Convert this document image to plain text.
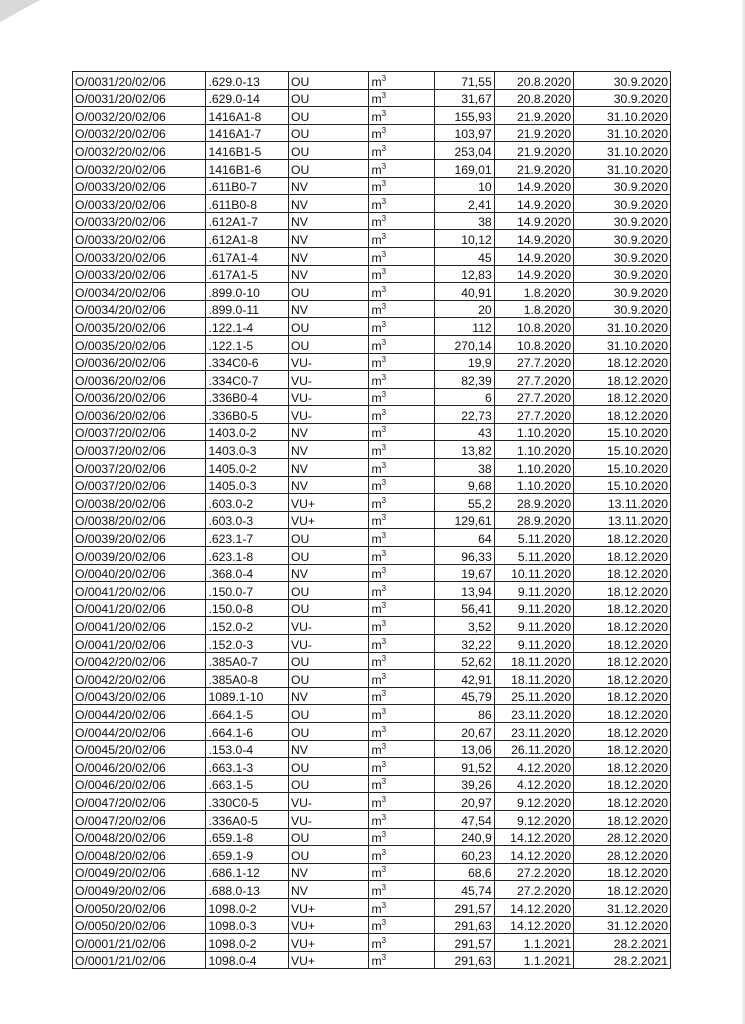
O/0031/20/02/06	.629.0-13	OU	$m^3$	71,55	20.8.2020	30.9.2020
O/0031/20/02/06	.629.0-14	OU	$m^3$	31,67	20.8.2020	30.9.2020
O/0032/20/02/06	1416A1-8	OU	$m^3$	155,93	21.9.2020	31.10.2020
O/0032/20/02/06	1416A1-7	OU	$m^3$	103,97	21.9.2020	31.10.2020
O/0032/20/02/06	1416B1-5	OU	$m^3$	253,04	21.9.2020	31.10.2020
O/0032/20/02/06	1416B1-6	OU	$m^3$	169,01	21.9.2020	31.10.2020
O/0033/20/02/06	.611B0-7	NV	$m^3$	10	14.9.2020	30.9.2020
O/0033/20/02/06	.611B0-8	NV	$m^3$	2,41	14.9.2020	30.9.2020
O/0033/20/02/06	.612A1-7	NV	$m^3$	38	14.9.2020	30.9.2020
O/0033/20/02/06	.612A1-8	NV	$m^3$	10,12	14.9.2020	30.9.2020
O/0033/20/02/06	.617A1-4	NV	$m^3$	45	14.9.2020	30.9.2020
O/0033/20/02/06	.617A1-5	NV	$m^3$	12,83	14.9.2020	30.9.2020
O/0034/20/02/06	.899.0-10	OU	$m^3$	40,91	1.8.2020	30.9.2020
O/0034/20/02/06	.899.0-11	NV	$m^3$	20	1.8.2020	30.9.2020
O/0035/20/02/06	.122.1-4	OU	$m^3$	112	10.8.2020	31.10.2020
O/0035/20/02/06	.122.1-5	OU	$m^3$	270,14	10.8.2020	31.10.2020
O/0036/20/02/06	.334C0-6	VU-	$m^3$	19,9	27.7.2020	18.12.2020
O/0036/20/02/06	.334C0-7	VU-	$m^3$	82,39	27.7.2020	18.12.2020
O/0036/20/02/06	.336B0-4	VU-	$m^3$	6	27.7.2020	18.12.2020
O/0036/20/02/06	.336B0-5	VU-	$m^3$	22,73	27.7.2020	18.12.2020
O/0037/20/02/06	1403.0-2	NV	$m^3$	43	1.10.2020	15.10.2020
O/0037/20/02/06	1403.0-3	NV	$m^3$	13,82	1.10.2020	15.10.2020
O/0037/20/02/06	1405.0-2	NV	$m^3$	38	1.10.2020	15.10.2020
O/0037/20/02/06	1405.0-3	NV	$m^3$	9,68	1.10.2020	15.10.2020
O/0038/20/02/06	.603.0-2	VU+	$m^3$	55,2	28.9.2020	13.11.2020
O/0038/20/02/06	.603.0-3	VU+	$m^3$	129,61	28.9.2020	13.11.2020
O/0039/20/02/06	.623.1-7	OU	$m^3$	64	5.11.2020	18.12.2020
O/0039/20/02/06	.623.1-8	OU	$m^3$	96,33	5.11.2020	18.12.2020
O/0040/20/02/06	.368.0-4	NV	$m^3$	19,67	10.11.2020	18.12.2020
O/0041/20/02/06	.150.0-7	OU	$m^3$	13,94	9.11.2020	18.12.2020
O/0041/20/02/06	.150.0-8	OU	$m^3$	56,41	9.11.2020	18.12.2020
O/0041/20/02/06	.152.0-2	VU-	$m^3$	3,52	9.11.2020	18.12.2020
O/0041/20/02/06	.152.0-3	VU-	$m^3$	32,22	9.11.2020	18.12.2020
O/0042/20/02/06	.385A0-7	OU	$m^3$	52,62	18.11.2020	18.12.2020
O/0042/20/02/06	.385A0-8	OU	$m^3$	42,91	18.11.2020	18.12.2020
O/0043/20/02/06	1089.1-10	NV	$m^3$	45,79	25.11.2020	18.12.2020
O/0044/20/02/06	.664.1-5	OU	$m^3$	86	23.11.2020	18.12.2020
O/0044/20/02/06	.664.1-6	OU	$m^3$	20,67	23.11.2020	18.12.2020
O/0045/20/02/06	.153.0-4	NV	$m^3$	13,06	26.11.2020	18.12.2020
O/0046/20/02/06	.663.1-3	OU	$m^3$	91,52	4.12.2020	18.12.2020
O/0046/20/02/06	.663.1-5	OU	$m^3$	39,26	4.12.2020	18.12.2020
O/0047/20/02/06	.330C0-5	VU-	$m^3$	20,97	9.12.2020	18.12.2020
O/0047/20/02/06	.336A0-5	VU-	$m^3$	47,54	9.12.2020	18.12.2020
O/0048/20/02/06	.659.1-8	OU	$m^3$	240,9	14.12.2020	28.12.2020
O/0048/20/02/06	.659.1-9	OU	$m^3$	60,23	14.12.2020	28.12.2020
O/0049/20/02/06	.686.1-12	NV	$m^3$	68,6	27.2.2020	18.12.2020
O/0049/20/02/06	.688.0-13	NV	$m^3$	45,74	27.2.2020	18.12.2020
O/0050/20/02/06	1098.0-2	VU+	$m^3$	291,57	14.12.2020	31.12.2020
O/0050/20/02/06	1098.0-3	VU+	$m^3$	291,63	14.12.2020	31.12.2020
O/0001/21/02/06	1098.0-2	VU+	$m^3$	291,57	1.1.2021	28.2.2021
O/0001/21/02/06	1098.0-4	VU+	$m^3$	291,63	1.1.2021	28.2.2021
